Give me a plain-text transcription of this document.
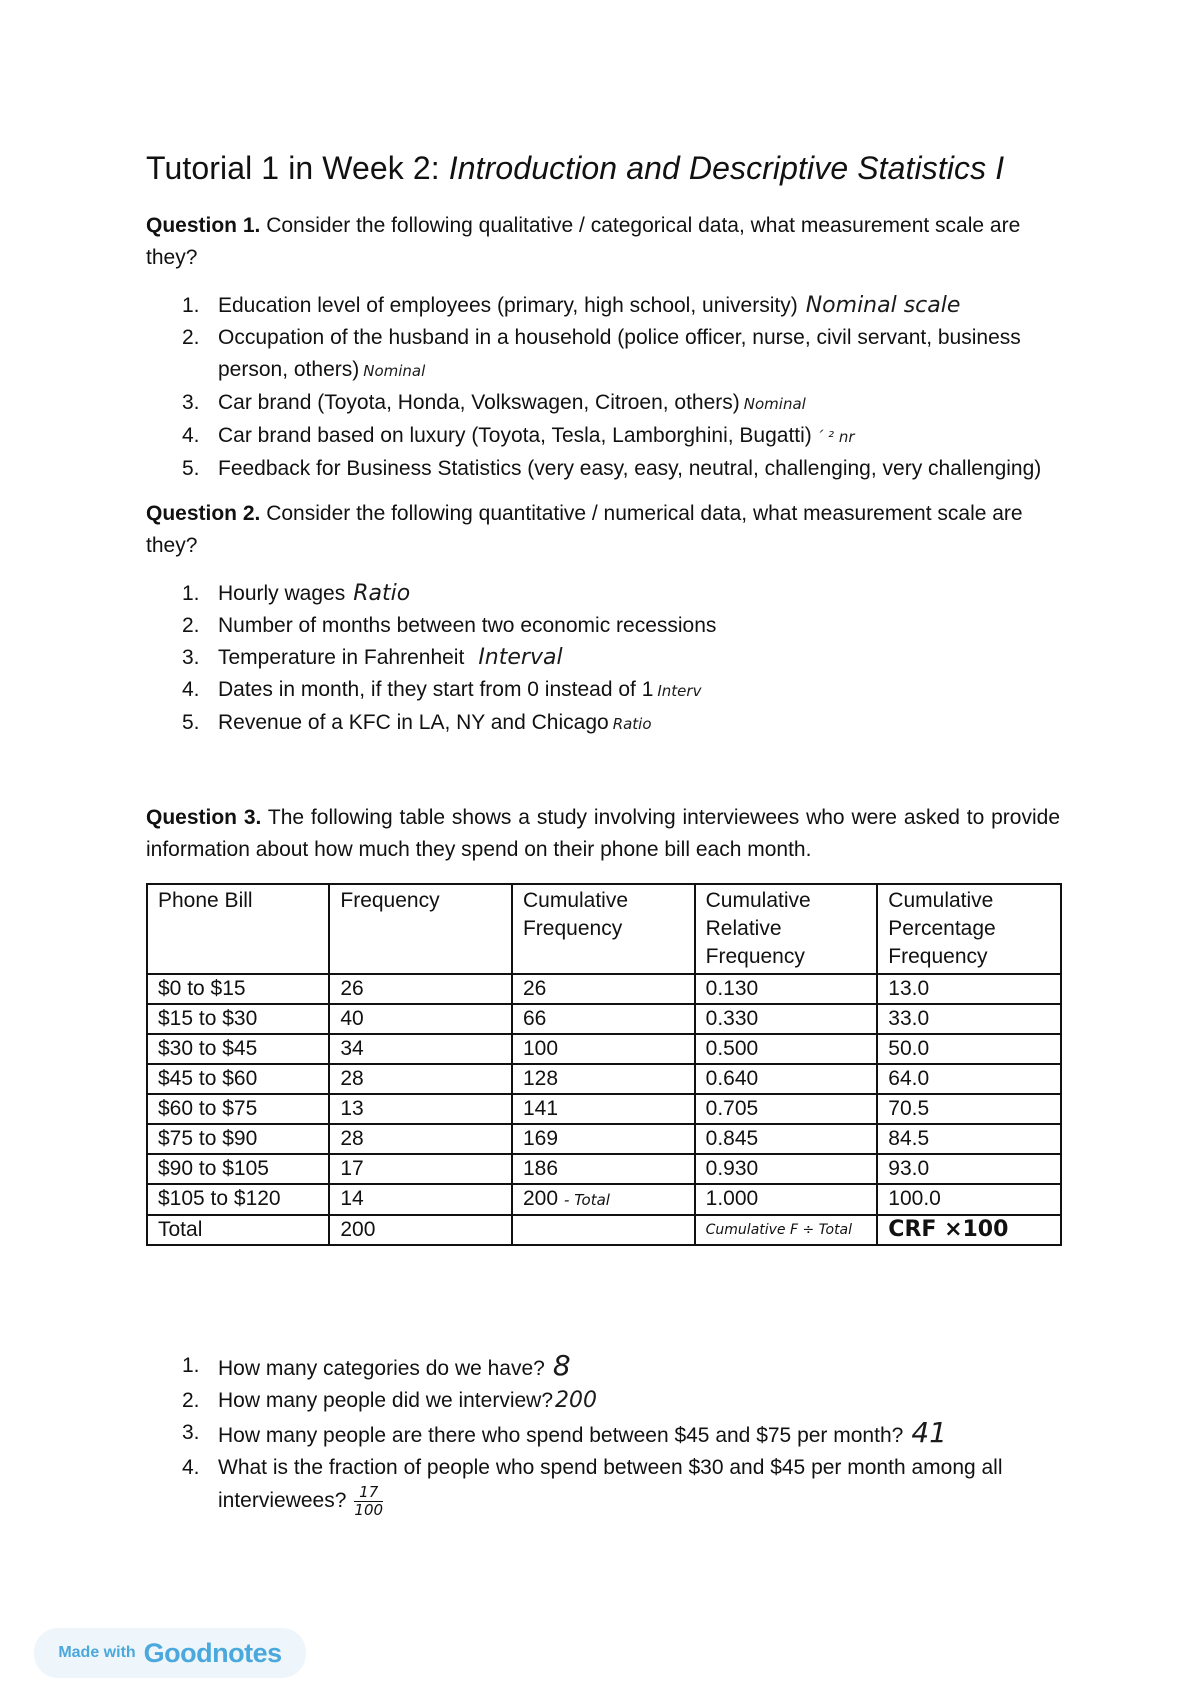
Tutorial 1 in Week 2: Introduction and Descriptive Statistics I
Question 1. Consider the following qualitative / categorical data, what measurement scale are they?
1. Education level of employees (primary, high school, university) Nominal scale
2. Occupation of the husband in a household (police officer, nurse, civil servant, business person, others) Nominal
3. Car brand (Toyota, Honda, Volkswagen, Citroen, others) Nominal
4. Car brand based on luxury (Toyota, Tesla, Lamborghini, Bugatti) ´ ² nr
5. Feedback for Business Statistics (very easy, easy, neutral, challenging, very challenging)
Question 2. Consider the following quantitative / numerical data, what measurement scale are they?
1. Hourly wages Ratio
2. Number of months between two economic recessions
3. Temperature in Fahrenheit Interval
4. Dates in month, if they start from 0 instead of 1 Interv
5. Revenue of a KFC in LA, NY and Chicago Ratio
Question 3. The following table shows a study involving interviewees who were asked to provide information about how much they spend on their phone bill each month.
Phone Bill	Frequency	Cumulative Frequency	Cumulative Relative Frequency	Cumulative Percentage Frequency
$0 to $15	26	26	0.130	13.0
$15 to $30	40	66	0.330	33.0
$30 to $45	34	100	0.500	50.0
$45 to $60	28	128	0.640	64.0
$60 to $75	13	141	0.705	70.5
$75 to $90	28	169	0.845	84.5
$90 to $105	17	186	0.930	93.0
$105 to $120	14	200 - Total	1.000	100.0
Total	200		Cumulative F ÷ Total	CRF ×100
1. How many categories do we have? 8
2. How many people did we interview?200
3. How many people are there who spend between $45 and $75 per month? 41
4. What is the fraction of people who spend between $30 and $45 per month among all interviewees? $\frac{17}{100}$
Made with Goodnotes
